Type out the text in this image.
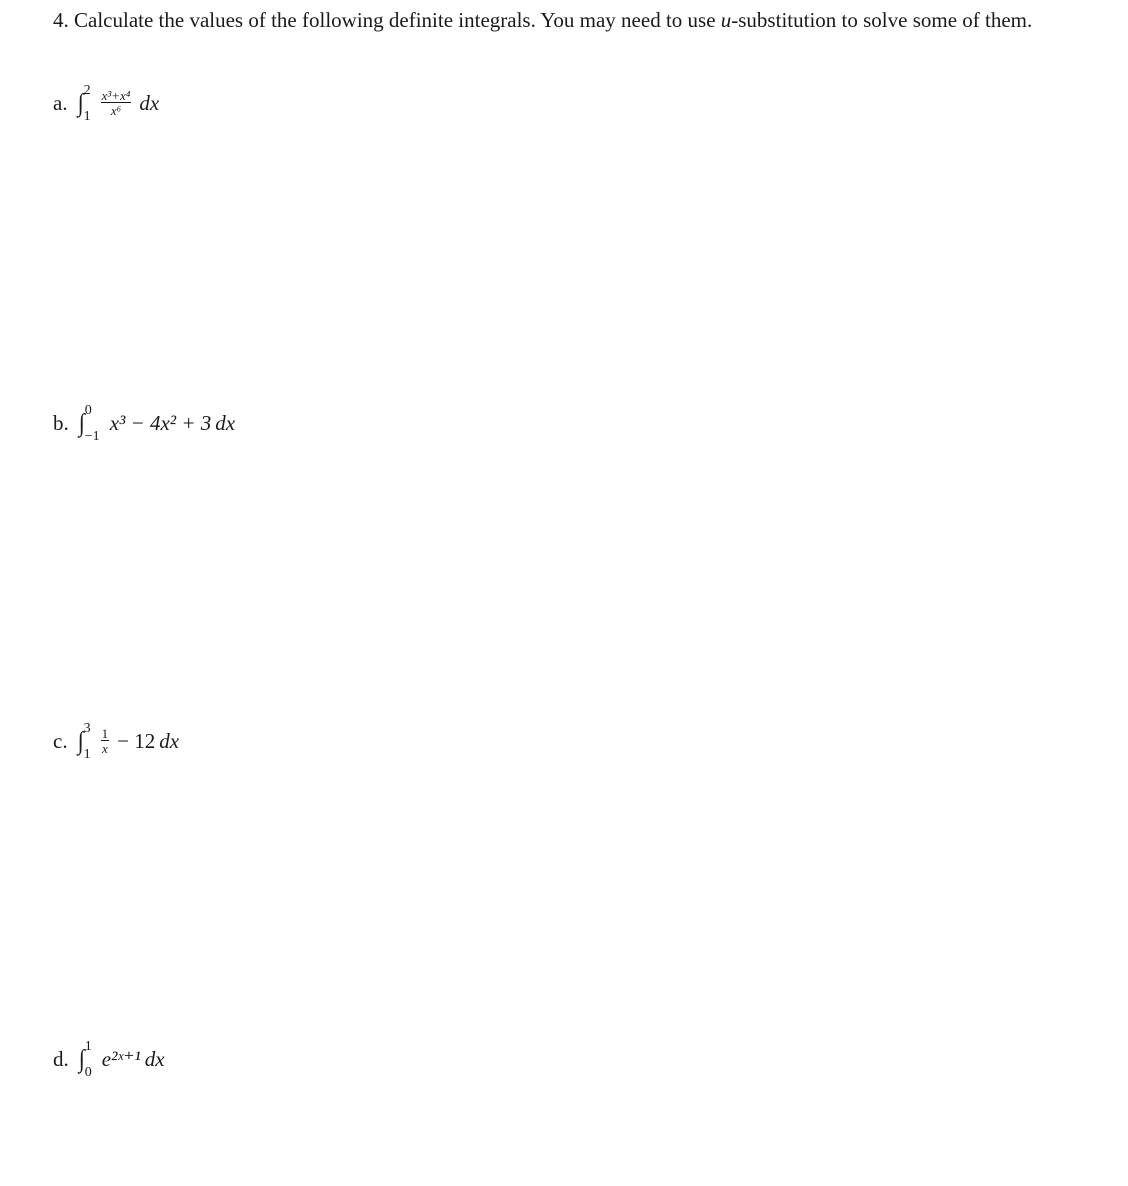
4. Calculate the values of the following definite integrals. You may need to use u-substitution to solve some of them.
a. ∫ 2
$1 \frac{\text{x³+x⁴}}{\text{x⁶}}$ dx
b. ∫ 0
−1
x³ − 4x² + 3 dx
c. ∫ 3
$1 \frac{1}{x} - 12$ dx
d. ∫ 1
0
e²ˣ⁺¹ dx
